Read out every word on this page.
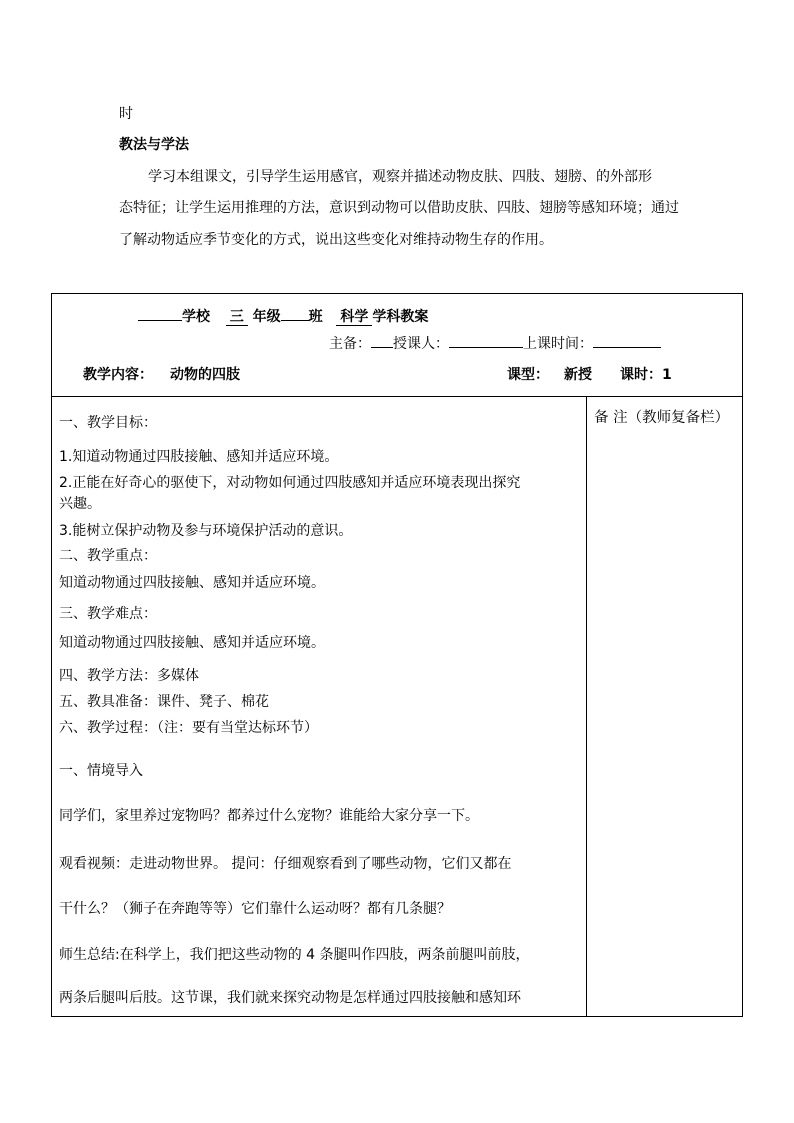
时
教法与学法
学习本组课文，引导学生运用感官，观察并描述动物皮肤、四肢、翅膀、的外部形
态特征；让学生运用推理的方法，意识到动物可以借助皮肤、四肢、翅膀等感知环境；通过
了解动物适应季节变化的方式，说出这些变化对维持动物生存的作用。
学校 三 年级 班 科学 学科教案
主备： 授课人：	上课时间：
教学内容： 动物的四肢	课型： 新授 课时：1
备 注（教师复备栏）
一、教学目标：
1.知道动物通过四肢接触、感知并适应环境。
2.正能在好奇心的驱使下，对动物如何通过四肢感知并适应环境表现出探究
兴趣。
3.能树立保护动物及参与环境保护活动的意识。
二、教学重点：
知道动物通过四肢接触、感知并适应环境。
三、教学难点：
知道动物通过四肢接触、感知并适应环境。
四、教学方法：多媒体
五、教具准备：课件、凳子、棉花
六、教学过程：（注：要有当堂达标环节）
一、情境导入
同学们，家里养过宠物吗？都养过什么宠物？谁能给大家分享一下。
观看视频：走进动物世界。 提问：仔细观察看到了哪些动物，它们又都在
干什么？（狮子在奔跑等等）它们靠什么运动呀？都有几条腿？
师生总结:在科学上，我们把这些动物的 4 条腿叫作四肢，两条前腿叫前肢，
两条后腿叫后肢。这节课，我们就来探究动物是怎样通过四肢接触和感知环
